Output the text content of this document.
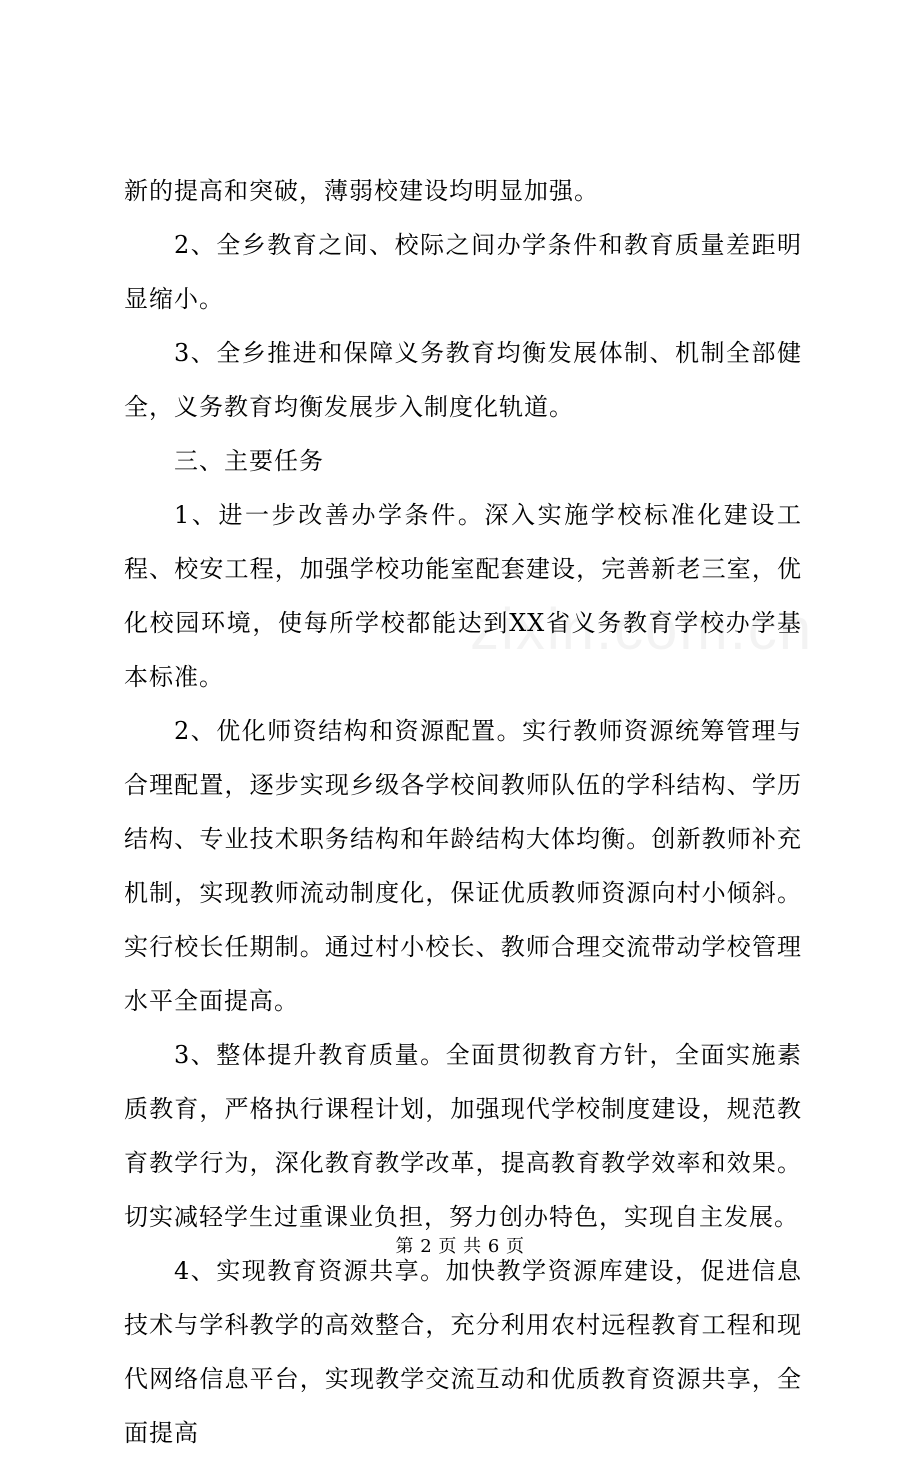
新的提高和突破，薄弱校建设均明显加强。

2、全乡教育之间、校际之间办学条件和教育质量差距明显缩小。

3、全乡推进和保障义务教育均衡发展体制、机制全部健全，义务教育均衡发展步入制度化轨道。

三、主要任务

1、进一步改善办学条件。深入实施学校标准化建设工程、校安工程，加强学校功能室配套建设，完善新老三室，优化校园环境，使每所学校都能达到XX省义务教育学校办学基本标准。

2、优化师资结构和资源配置。实行教师资源统筹管理与合理配置，逐步实现乡级各学校间教师队伍的学科结构、学历结构、专业技术职务结构和年龄结构大体均衡。创新教师补充机制，实现教师流动制度化，保证优质教师资源向村小倾斜。实行校长任期制。通过村小校长、教师合理交流带动学校管理水平全面提高。

3、整体提升教育质量。全面贯彻教育方针，全面实施素质教育，严格执行课程计划，加强现代学校制度建设，规范教育教学行为，深化教育教学改革，提高教育教学效率和效果。切实减轻学生过重课业负担，努力创办特色，实现自主发展。

4、实现教育资源共享。加快教学资源库建设，促进信息技术与学科教学的高效整合，充分利用农村远程教育工程和现代网络信息平台，实现教学交流互动和优质教育资源共享，全面提高

第 2 页 共 6 页
